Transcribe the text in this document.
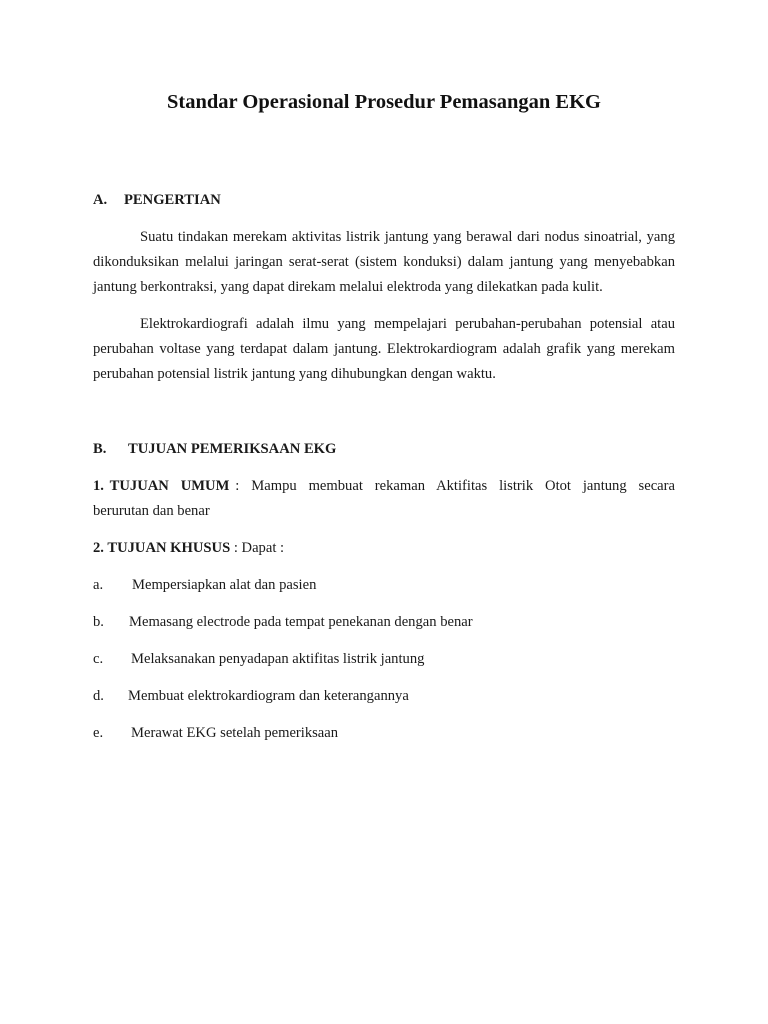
Standar Operasional Prosedur Pemasangan EKG
A. PENGERTIAN

Suatu tindakan merekam aktivitas listrik jantung yang berawal dari nodus sinoatrial, yang dikonduksikan melalui jaringan serat-serat (sistem konduksi) dalam jantung yang menyebabkan jantung berkontraksi, yang dapat direkam melalui elektroda yang dilekatkan pada kulit.

Elektrokardiografi adalah ilmu yang mempelajari perubahan-perubahan potensial atau perubahan voltase yang terdapat dalam jantung. Elektrokardiogram adalah grafik yang merekam perubahan potensial listrik jantung yang dihubungkan dengan waktu.

B. TUJUAN PEMERIKSAAN EKG

1. TUJUAN  UMUM :  Mampu  membuat  rekaman  Aktifitas  listrik  Otot  jantung  secara berurutan dan benar

2. TUJUAN KHUSUS : Dapat :

a. Mempersiapkan alat dan pasien
b. Memasang electrode pada tempat penekanan dengan benar
c. Melaksanakan penyadapan aktifitas listrik jantung
d. Membuat elektrokardiogram dan keterangannya
e. Merawat EKG setelah pemeriksaan
